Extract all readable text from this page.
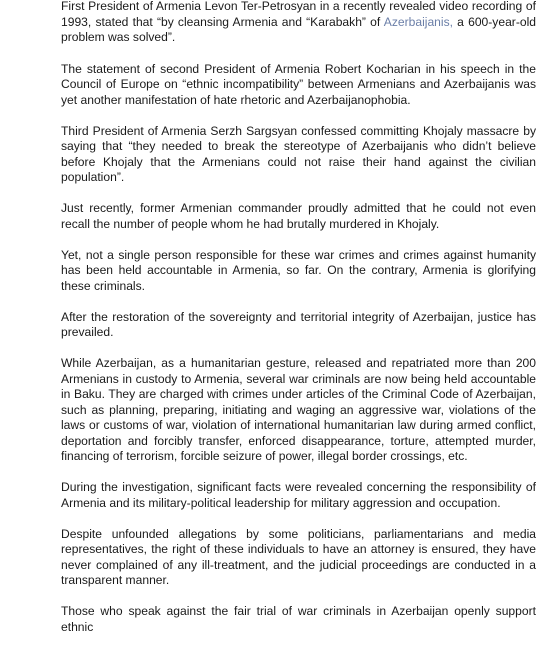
First President of Armenia Levon Ter-Petrosyan in a recently revealed video recording of 1993, stated that “by cleansing Armenia and “Karabakh” of Azerbaijanis, a 600-year-old problem was solved”.

The statement of second President of Armenia Robert Kocharian in his speech in the Council of Europe on “ethnic incompatibility” between Armenians and Azerbaijanis was yet another manifestation of hate rhetoric and Azerbaijanophobia.

Third President of Armenia Serzh Sargsyan confessed committing Khojaly massacre by saying that “they needed to break the stereotype of Azerbaijanis who didn’t believe before Khojaly that the Armenians could not raise their hand against the civilian population”.

Just recently, former Armenian commander proudly admitted that he could not even recall the number of people whom he had brutally murdered in Khojaly.

Yet, not a single person responsible for these war crimes and crimes against humanity has been held accountable in Armenia, so far. On the contrary, Armenia is glorifying these criminals.

After the restoration of the sovereignty and territorial integrity of Azerbaijan, justice has prevailed.

While Azerbaijan, as a humanitarian gesture, released and repatriated more than 200 Armenians in custody to Armenia, several war criminals are now being held accountable in Baku. They are charged with crimes under articles of the Criminal Code of Azerbaijan, such as planning, preparing, initiating and waging an aggressive war, violations of the laws or customs of war, violation of international humanitarian law during armed conflict, deportation and forcibly transfer, enforced disappearance, torture, attempted murder, financing of terrorism, forcible seizure of power, illegal border crossings, etc.

During the investigation, significant facts were revealed concerning the responsibility of Armenia and its military-political leadership for military aggression and occupation.

Despite unfounded allegations by some politicians, parliamentarians and media representatives, the right of these individuals to have an attorney is ensured, they have never complained of any ill-treatment, and the judicial proceedings are conducted in a transparent manner.

Those who speak against the fair trial of war criminals in Azerbaijan openly support ethnic
